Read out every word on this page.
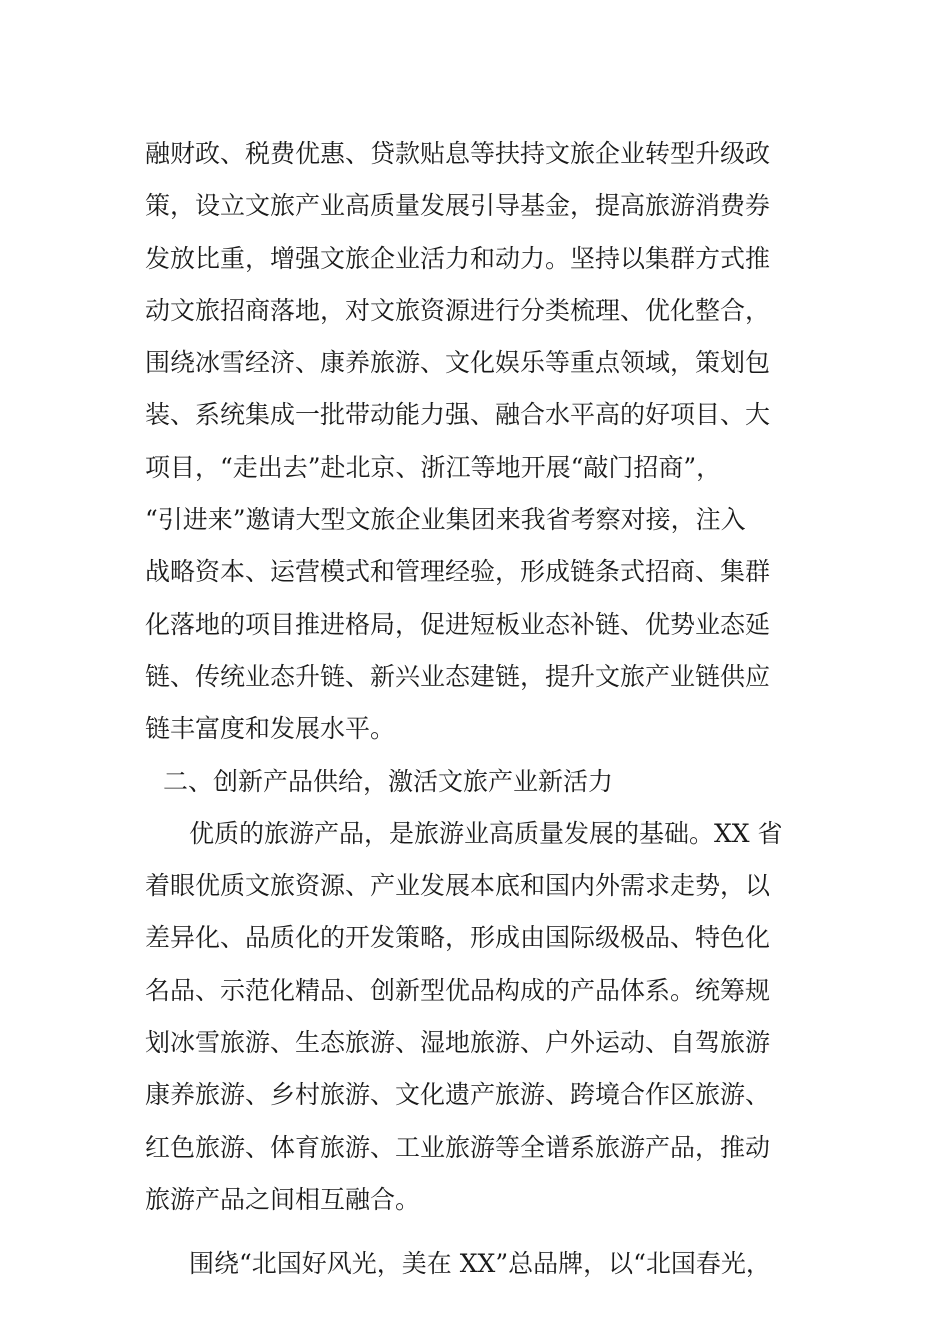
融财政、税费优惠、贷款贴息等扶持文旅企业转型升级政
策，设立文旅产业高质量发展引导基金，提高旅游消费券
发放比重，增强文旅企业活力和动力。坚持以集群方式推
动文旅招商落地，对文旅资源进行分类梳理、优化整合，
围绕冰雪经济、康养旅游、文化娱乐等重点领域，策划包
装、系统集成一批带动能力强、融合水平高的好项目、大
项目，“走出去”赴北京、浙江等地开展“敲门招商”，
“引进来”邀请大型文旅企业集团来我省考察对接，注入
战略资本、运营模式和管理经验，形成链条式招商、集群
化落地的项目推进格局，促进短板业态补链、优势业态延
链、传统业态升链、新兴业态建链，提升文旅产业链供应
链丰富度和发展水平。
二、创新产品供给，激活文旅产业新活力
优质的旅游产品，是旅游业高质量发展的基础。XX 省
着眼优质文旅资源、产业发展本底和国内外需求走势，以
差异化、品质化的开发策略，形成由国际级极品、特色化
名品、示范化精品、创新型优品构成的产品体系。统筹规
划冰雪旅游、生态旅游、湿地旅游、户外运动、自驾旅游
康养旅游、乡村旅游、文化遗产旅游、跨境合作区旅游、
红色旅游、体育旅游、工业旅游等全谱系旅游产品，推动
旅游产品之间相互融合。
围绕“北国好风光，美在 XX”总品牌，以“北国春光，
